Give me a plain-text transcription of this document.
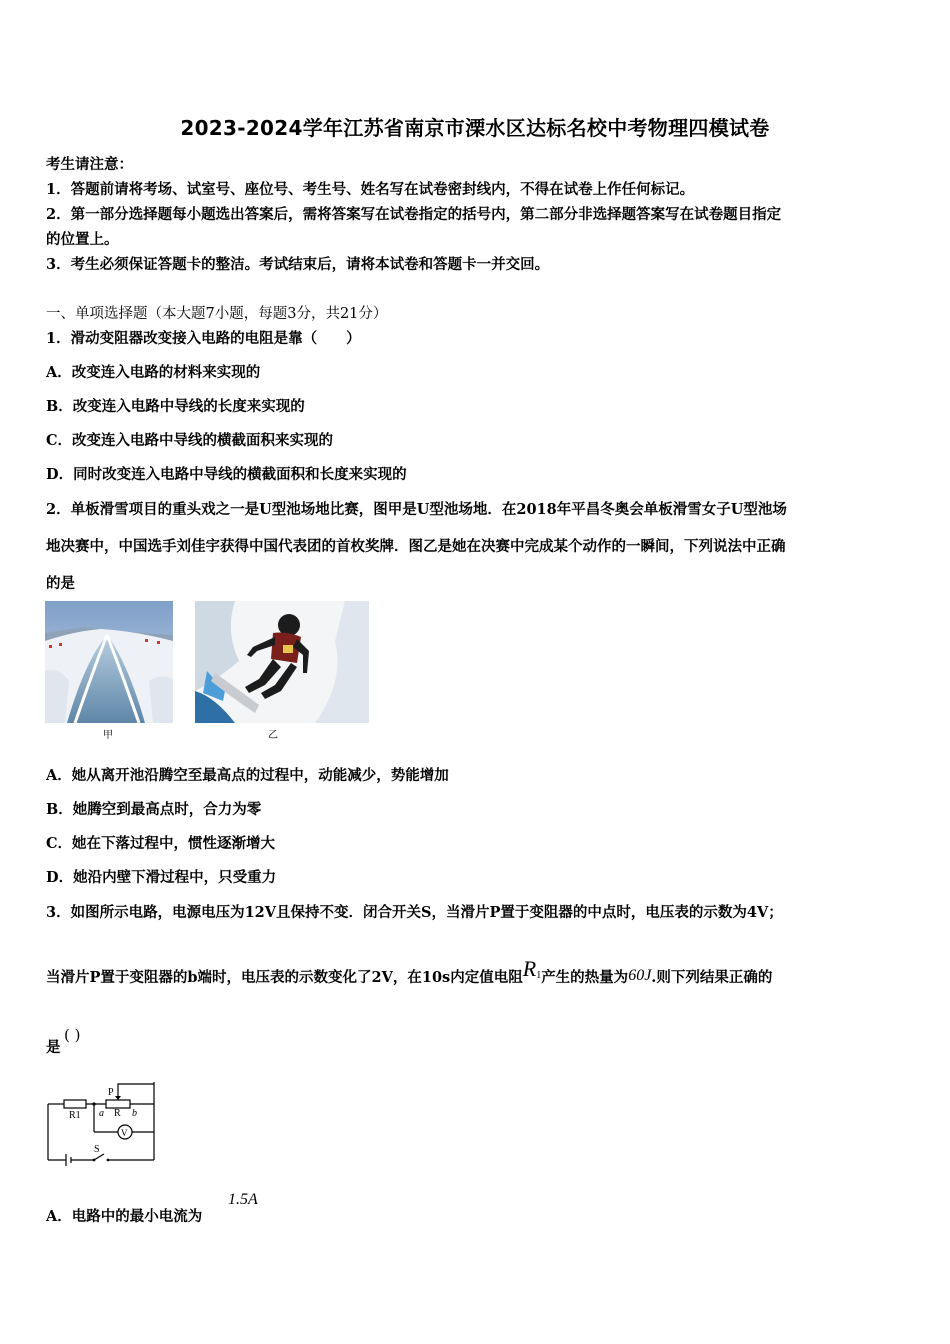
2023-2024学年江苏省南京市溧水区达标名校中考物理四模试卷
考生请注意：
1．答题前请将考场、试室号、座位号、考生号、姓名写在试卷密封线内，不得在试卷上作任何标记。
2．第一部分选择题每小题选出答案后，需将答案写在试卷指定的括号内，第二部分非选择题答案写在试卷题目指定
的位置上。
3．考生必须保证答题卡的整洁。考试结束后，请将本试卷和答题卡一并交回。
一、单项选择题（本大题7小题，每题3分，共21分）
1．滑动变阻器改变接入电路的电阻是靠（　　）
A．改变连入电路的材料来实现的
B．改变连入电路中导线的长度来实现的
C．改变连入电路中导线的横截面积来实现的
D．同时改变连入电路中导线的横截面积和长度来实现的
2．单板滑雪项目的重头戏之一是U型池场地比赛，图甲是U型池场地．在2018年平昌冬奥会单板滑雪女子U型池场
地决赛中，中国选手刘佳宇获得中国代表团的首枚奖牌．图乙是她在决赛中完成某个动作的一瞬间，下列说法中正确
的是
甲	乙
A．她从离开池沿腾空至最高点的过程中，动能减少，势能增加
B．她腾空到最高点时，合力为零
C．她在下落过程中，惯性逐渐增大
D．她沿内壁下滑过程中，只受重力
3．如图所示电路，电源电压为12V且保持不变．闭合开关S，当滑片P置于变阻器的中点时，电压表的示数为4V；
当滑片P置于变阻器的b端时，电压表的示数变化了2V，在10s内定值电阻$R^1$产生的热量为60J.则下列结果正确的
是
( )
P
R1 a R b
V
S
A．电路中的最小电流为
1.5A
